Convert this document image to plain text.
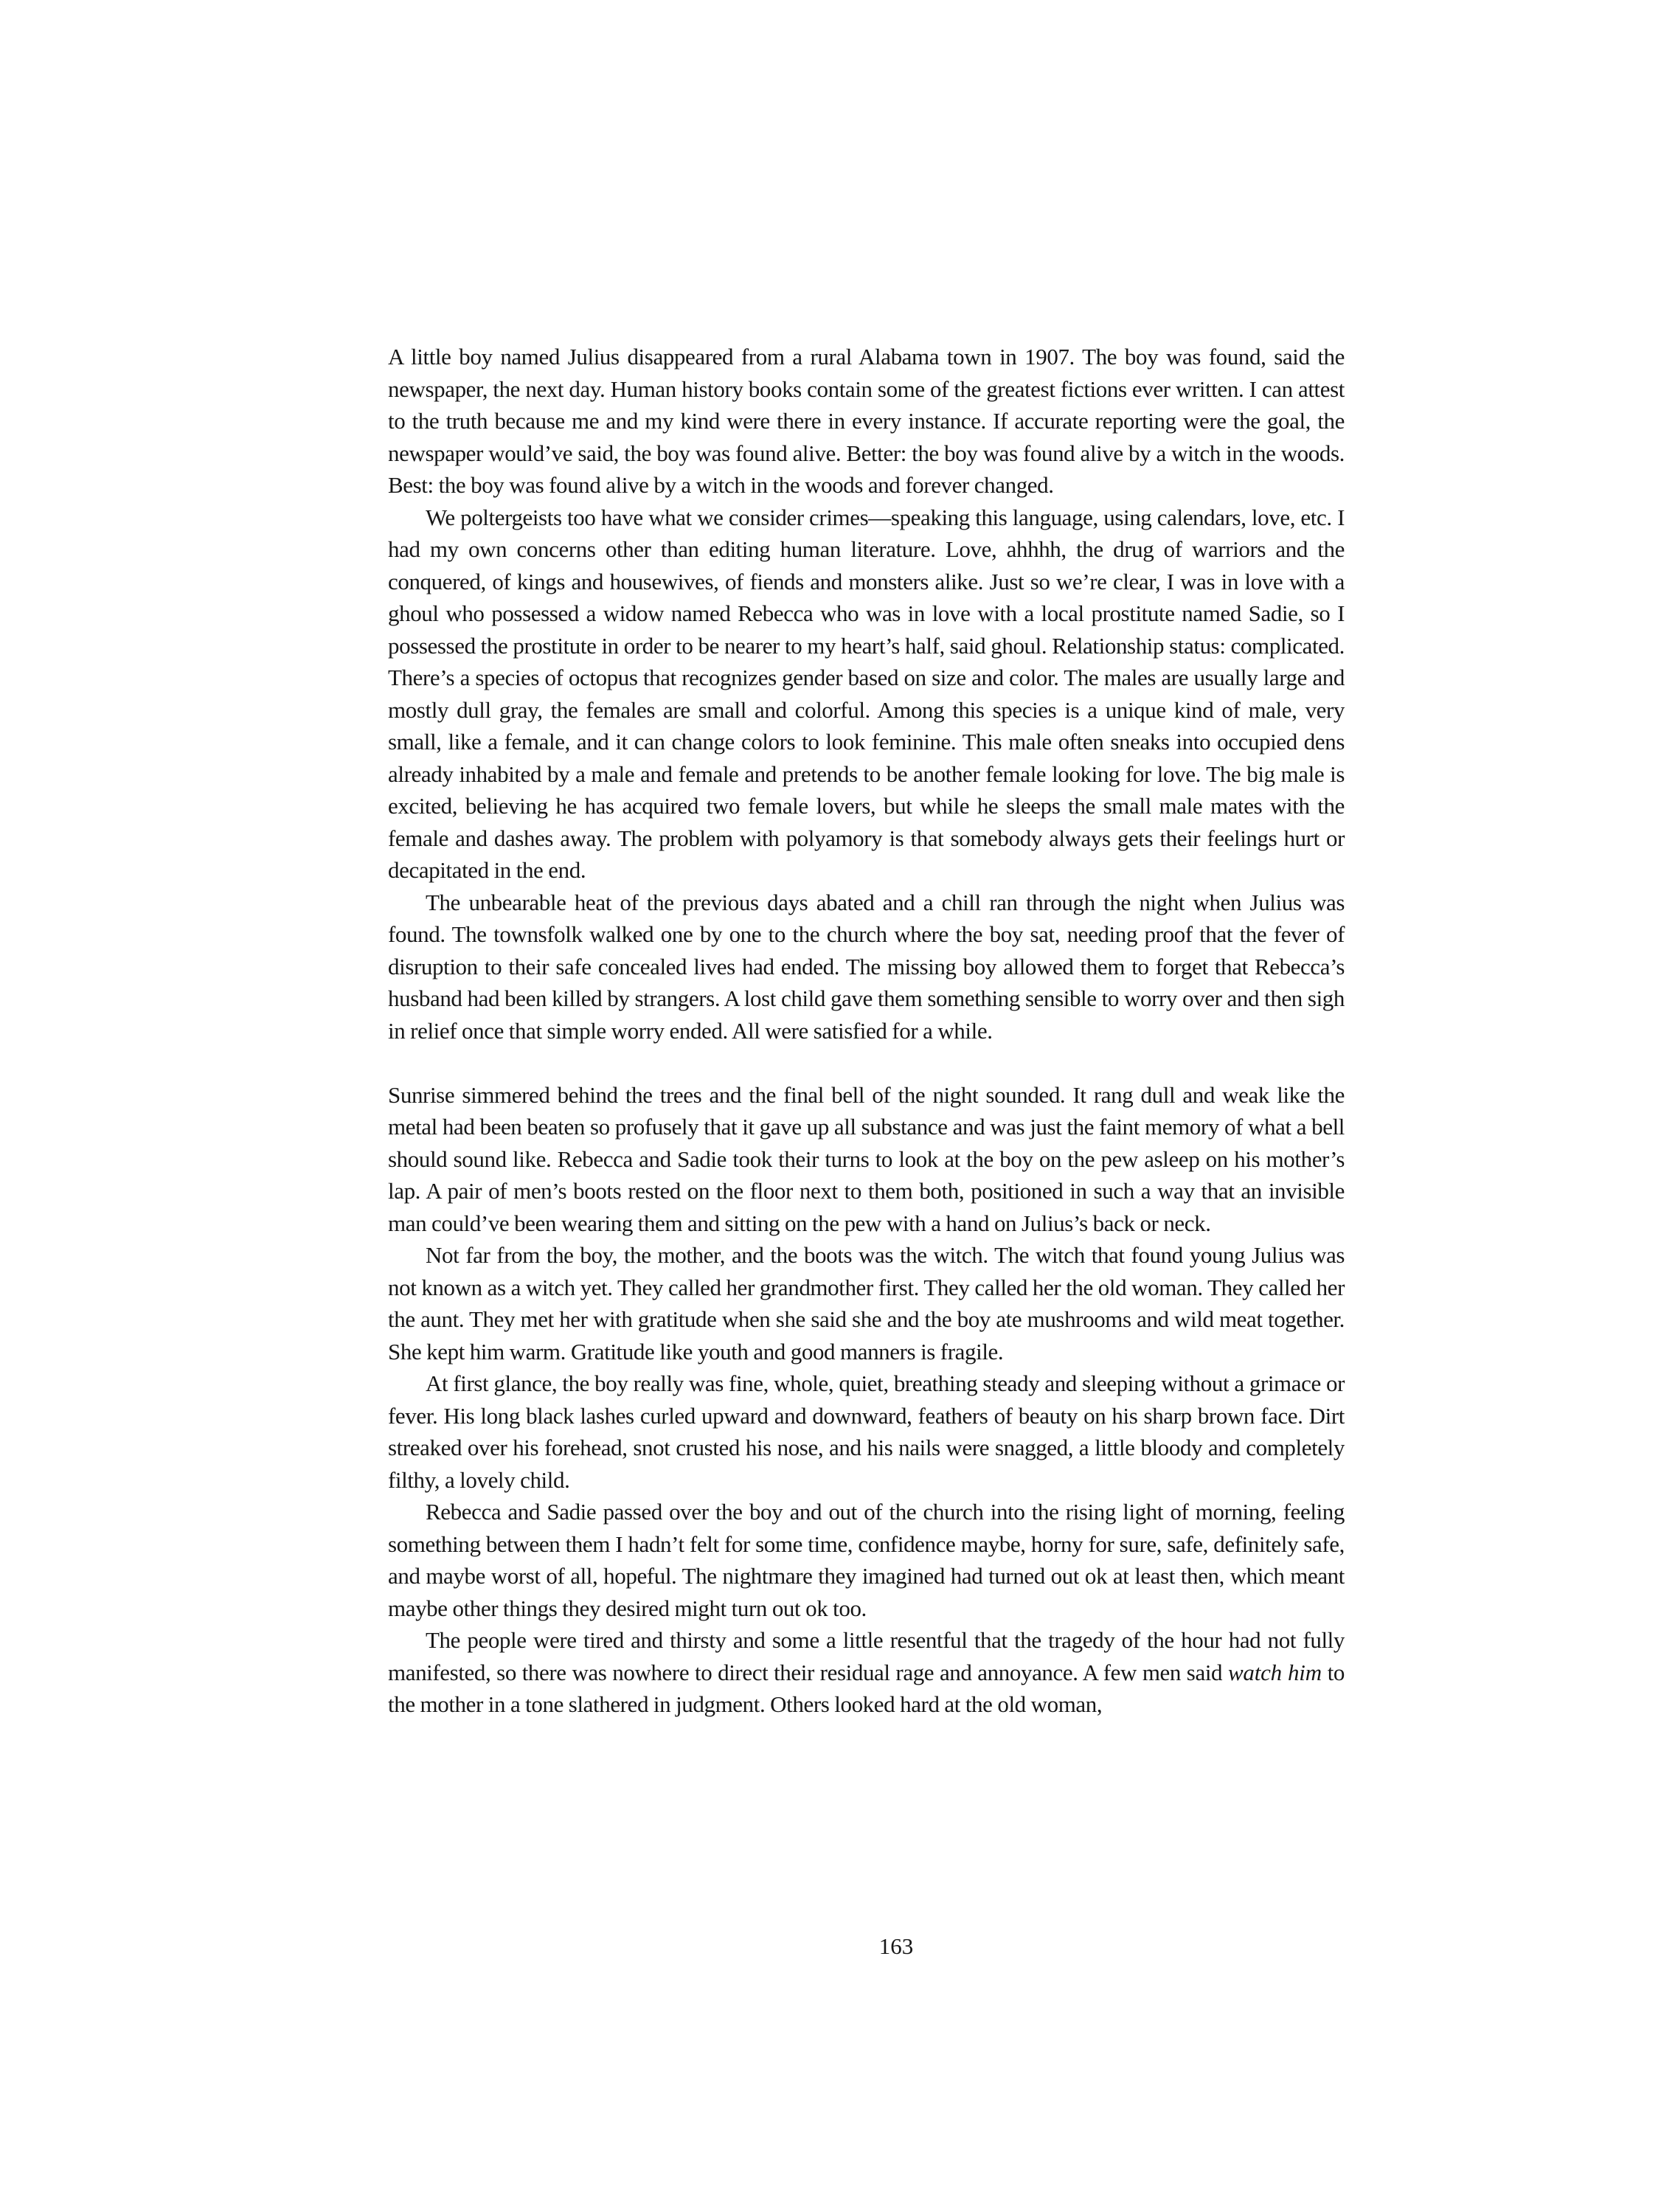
A little boy named Julius disappeared from a rural Alabama town in 1907. The boy was found, said the newspaper, the next day. Human history books contain some of the greatest fictions ever written. I can attest to the truth because me and my kind were there in every instance. If accurate reporting were the goal, the newspaper would’ve said, the boy was found alive. Better: the boy was found alive by a witch in the woods. Best: the boy was found alive by a witch in the woods and forever changed.

We poltergeists too have what we consider crimes—speaking this language, using calendars, love, etc. I had my own concerns other than editing human literature. Love, ahhhh, the drug of warriors and the conquered, of kings and housewives, of fiends and monsters alike. Just so we’re clear, I was in love with a ghoul who possessed a widow named Rebecca who was in love with a local prostitute named Sadie, so I possessed the prostitute in order to be nearer to my heart’s half, said ghoul. Relationship status: complicated. There’s a species of octopus that recognizes gender based on size and color. The males are usually large and mostly dull gray, the females are small and colorful. Among this species is a unique kind of male, very small, like a female, and it can change colors to look feminine. This male often sneaks into occupied dens already inhabited by a male and female and pretends to be another female looking for love. The big male is excited, believing he has acquired two female lovers, but while he sleeps the small male mates with the female and dashes away. The problem with polyamory is that somebody always gets their feelings hurt or decapitated in the end.

The unbearable heat of the previous days abated and a chill ran through the night when Julius was found. The townsfolk walked one by one to the church where the boy sat, needing proof that the fever of disruption to their safe concealed lives had ended. The missing boy allowed them to forget that Rebecca’s husband had been killed by strangers. A lost child gave them something sensible to worry over and then sigh in relief once that simple worry ended. All were satisfied for a while.

Sunrise simmered behind the trees and the final bell of the night sounded. It rang dull and weak like the metal had been beaten so profusely that it gave up all substance and was just the faint memory of what a bell should sound like. Rebecca and Sadie took their turns to look at the boy on the pew asleep on his mother’s lap. A pair of men’s boots rested on the floor next to them both, positioned in such a way that an invisible man could’ve been wearing them and sitting on the pew with a hand on Julius’s back or neck.

Not far from the boy, the mother, and the boots was the witch. The witch that found young Julius was not known as a witch yet. They called her grandmother first. They called her the old woman. They called her the aunt. They met her with gratitude when she said she and the boy ate mushrooms and wild meat together. She kept him warm. Gratitude like youth and good manners is fragile.

At first glance, the boy really was fine, whole, quiet, breathing steady and sleeping without a grimace or fever. His long black lashes curled upward and downward, feathers of beauty on his sharp brown face. Dirt streaked over his forehead, snot crusted his nose, and his nails were snagged, a little bloody and completely filthy, a lovely child.

Rebecca and Sadie passed over the boy and out of the church into the rising light of morning, feeling something between them I hadn’t felt for some time, confidence maybe, horny for sure, safe, definitely safe, and maybe worst of all, hopeful. The nightmare they imagined had turned out ok at least then, which meant maybe other things they desired might turn out ok too.

The people were tired and thirsty and some a little resentful that the tragedy of the hour had not fully manifested, so there was nowhere to direct their residual rage and annoyance. A few men said watch him to the mother in a tone slathered in judgment. Others looked hard at the old woman,

163
